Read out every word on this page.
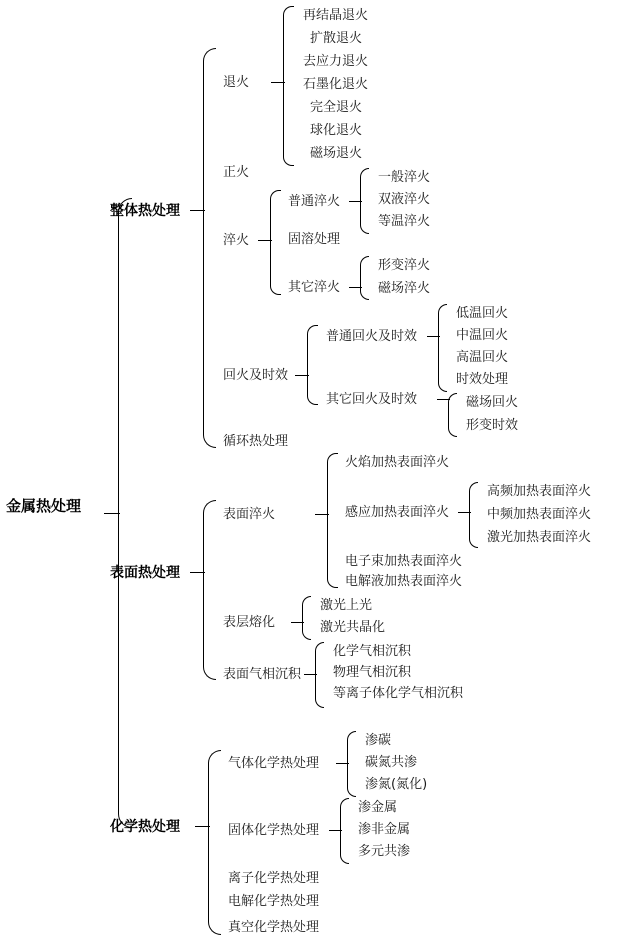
金属热处理
整体热处理
表面热处理
化学热处理
退火
正火
淬火
回火及时效
循环热处理
再结晶退火
扩散退火
去应力退火
石墨化退火
完全退火
球化退火
磁场退火
普通淬火
固溶处理
其它淬火
一般淬火
双液淬火
等温淬火
形变淬火
磁场淬火
普通回火及时效
其它回火及时效
低温回火
中温回火
高温回火
时效处理
磁场回火
形变时效
表面淬火
表层熔化
表面气相沉积
火焰加热表面淬火
感应加热表面淬火
电子束加热表面淬火
电解液加热表面淬火
高频加热表面淬火
中频加热表面淬火
激光加热表面淬火
激光上光
激光共晶化
化学气相沉积
物理气相沉积
等离子体化学气相沉积
气体化学热处理
固体化学热处理
离子化学热处理
电解化学热处理
真空化学热处理
渗碳
碳氮共渗
渗氮(氮化)
渗金属
渗非金属
多元共渗
